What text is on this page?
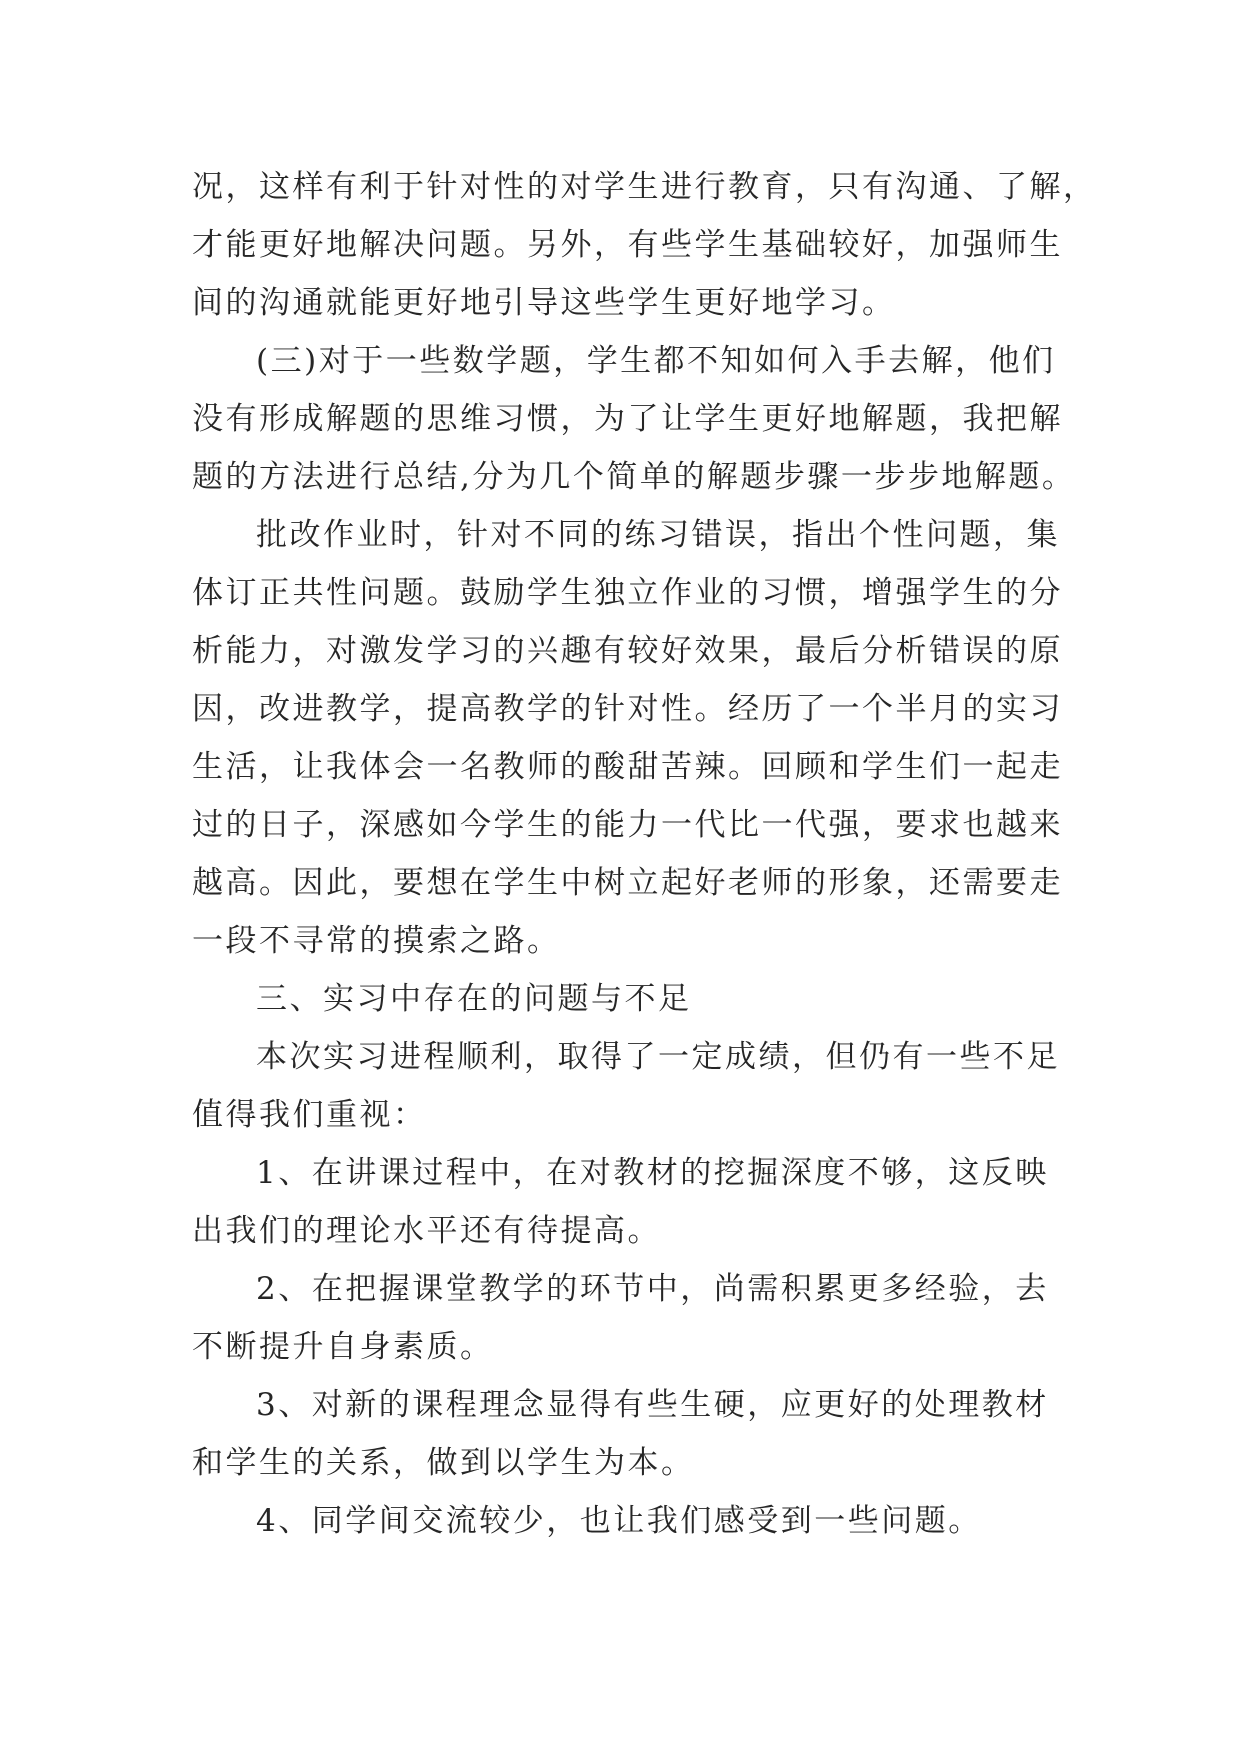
况，这样有利于针对性的对学生进行教育，只有沟通、了解，
才能更好地解决问题。另外，有些学生基础较好，加强师生
间的沟通就能更好地引导这些学生更好地学习。
(三)对于一些数学题，学生都不知如何入手去解，他们
没有形成解题的思维习惯，为了让学生更好地解题，我把解
题的方法进行总结,分为几个简单的解题步骤一步步地解题。
批改作业时，针对不同的练习错误，指出个性问题，集
体订正共性问题。鼓励学生独立作业的习惯，增强学生的分
析能力，对激发学习的兴趣有较好效果，最后分析错误的原
因，改进教学，提高教学的针对性。经历了一个半月的实习
生活，让我体会一名教师的酸甜苦辣。回顾和学生们一起走
过的日子，深感如今学生的能力一代比一代强，要求也越来
越高。因此，要想在学生中树立起好老师的形象，还需要走
一段不寻常的摸索之路。
三、实习中存在的问题与不足
本次实习进程顺利，取得了一定成绩，但仍有一些不足
值得我们重视：
1、在讲课过程中，在对教材的挖掘深度不够，这反映
出我们的理论水平还有待提高。
2、在把握课堂教学的环节中，尚需积累更多经验，去
不断提升自身素质。
3、对新的课程理念显得有些生硬，应更好的处理教材
和学生的关系，做到以学生为本。
4、同学间交流较少，也让我们感受到一些问题。
